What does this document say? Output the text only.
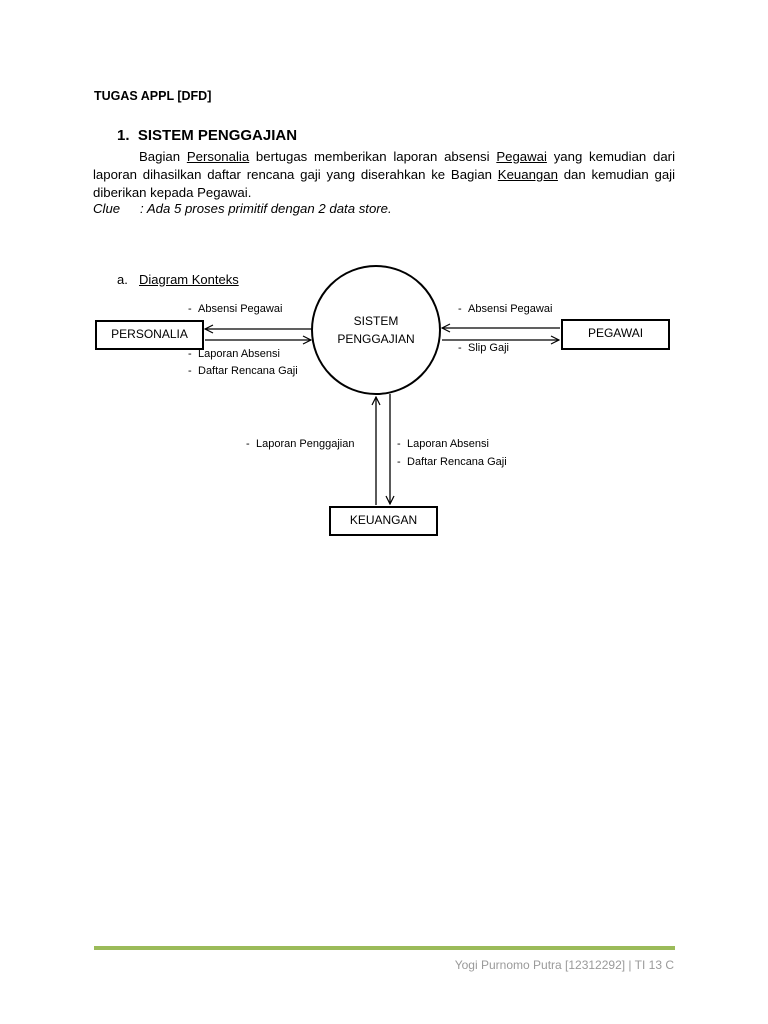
TUGAS APPL [DFD]
1. SISTEM PENGGAJIAN
Bagian Personalia bertugas memberikan laporan absensi Pegawai yang kemudian dari laporan dihasilkan daftar rencana gaji yang diserahkan ke Bagian Keuangan dan kemudian gaji diberikan kepada Pegawai.
Clue : Ada 5 proses primitif dengan 2 data store.
a. Diagram Konteks
SISTEM
PENGGAJIAN
PERSONALIA	PEGAWAI
KEUANGAN
- Absensi Pegawai
- Laporan Absensi
- Daftar Rencana Gaji
- Absensi Pegawai
- Slip Gaji
- Laporan Penggajian	- Laporan Absensi
- Daftar Rencana Gaji
Yogi Purnomo Putra [12312292] | TI 13 C
